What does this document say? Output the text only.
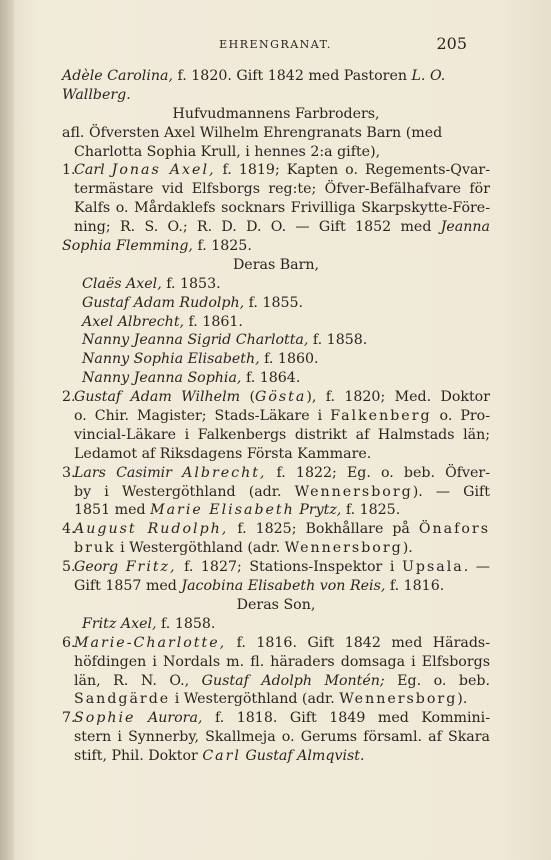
EHRENGRANAT.	205
Adèle Carolina, f. 1820. Gift 1842 med Pastoren L. O.
Wallberg.
Hufvudmannens Farbroders,
afl. Öfversten Axel Wilhelm Ehrengranats Barn (med
Charlotta Sophia Krull, i hennes 2:a gifte),
1.Carl Jonas Axel, f. 1819; Kapten o. Regements-Qvar-
termästare vid Elfsborgs reg:te; Öfver-Befälhafvare för
Kalfs o. Mårdaklefs socknars Frivilliga Skarpskytte-Före-
ning; R. S. O.; R. D. D. O. — Gift 1852 med Jeanna
Sophia Flemming, f. 1825.
Deras Barn,
Claës Axel, f. 1853.
Gustaf Adam Rudolph, f. 1855.
Axel Albrecht, f. 1861.
Nanny Jeanna Sigrid Charlotta, f. 1858.
Nanny Sophia Elisabeth, f. 1860.
Nanny Jeanna Sophia, f. 1864.
2.Gustaf Adam Wilhelm (Gösta), f. 1820; Med. Doktor
o. Chir. Magister; Stads-Läkare i Falkenberg o. Pro-
vincial-Läkare i Falkenbergs distrikt af Halmstads län;
Ledamot af Riksdagens Första Kammare.
3.Lars Casimir Albrecht, f. 1822; Eg. o. beb. Öfver-
by i Westergöthland (adr. Wennersborg). — Gift
1851 med Marie Elisabeth Prytz, f. 1825.
4.August Rudolph, f. 1825; Bokhållare på Önafors
bruk i Westergöthland (adr. Wennersborg).
5.Georg Fritz, f. 1827; Stations-Inspektor i Upsala. —
Gift 1857 med Jacobina Elisabeth von Reis, f. 1816.
Deras Son,
Fritz Axel, f. 1858.
6.Marie-Charlotte, f. 1816. Gift 1842 med Härads-
höfdingen i Nordals m. fl. häraders domsaga i Elfsborgs
län, R. N. O., Gustaf Adolph Montén; Eg. o. beb.
Sandgärde i Westergöthland (adr. Wennersborg).
7.Sophie Aurora, f. 1818. Gift 1849 med Kommini-
stern i Synnerby, Skallmeja o. Gerums församl. af Skara
stift, Phil. Doktor Carl Gustaf Almqvist.
